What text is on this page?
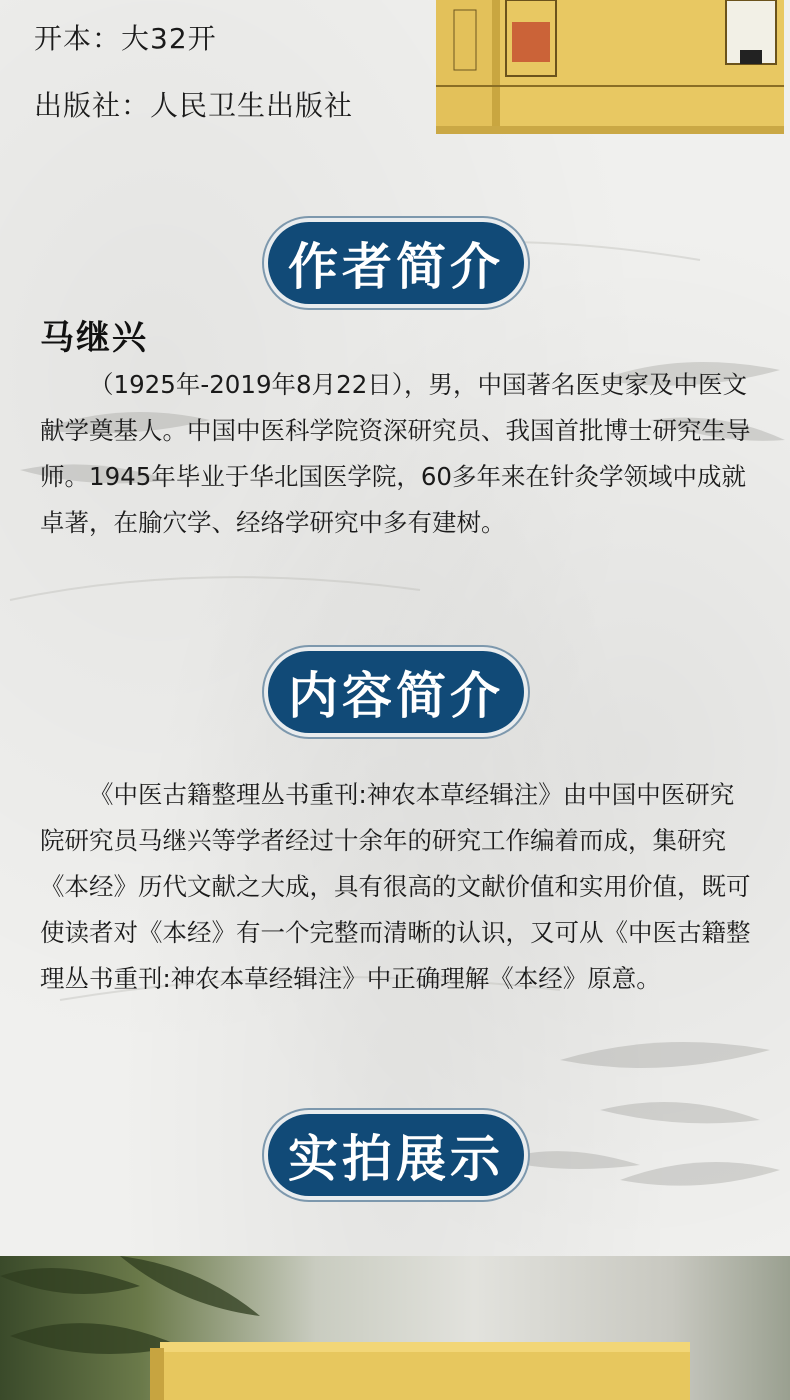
开本：大32开
出版社：人民卫生出版社
作者简介
马继兴

（1925年-2019年8月22日），男，中国著名医史家及中医文献学奠基人。中国中医科学院资深研究员、我国首批博士研究生导师。1945年毕业于华北国医学院，60多年来在针灸学领域中成就卓著，在腧穴学、经络学研究中多有建树。

内容简介

《中医古籍整理丛书重刊:神农本草经辑注》由中国中医研究院研究员马继兴等学者经过十余年的研究工作编着而成，集研究《本经》历代文献之大成，具有很高的文献价值和实用价值，既可使读者对《本经》有一个完整而清晰的认识，又可从《中医古籍整理丛书重刊:神农本草经辑注》中正确理解《本经》原意。

实拍展示
